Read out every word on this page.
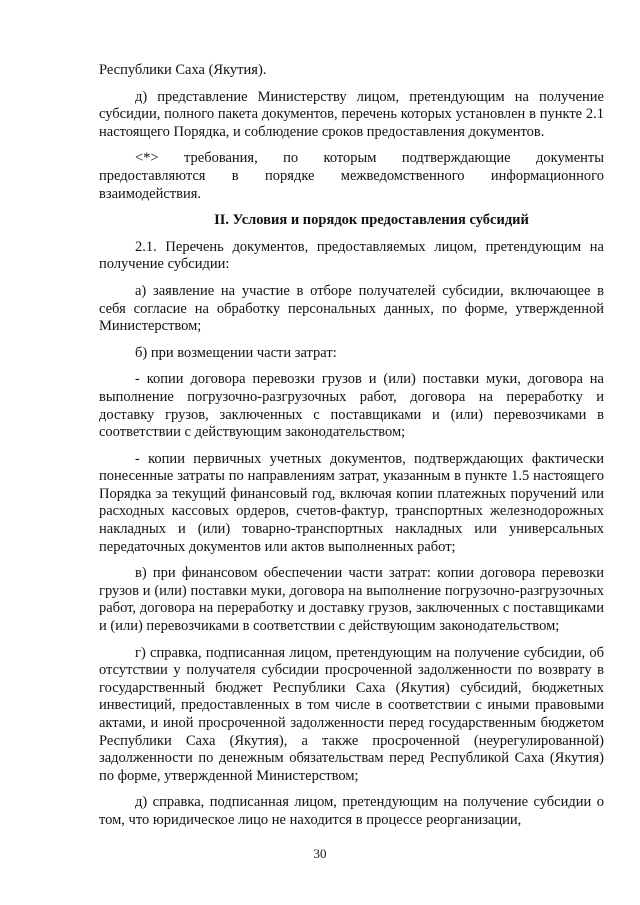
Республики Саха (Якутия).

д) представление Министерству лицом, претендующим на получение субсидии, полного пакета документов, перечень которых установлен в пункте 2.1 настоящего Порядка, и соблюдение сроков предоставления документов.

<*> требования, по которым подтверждающие документы предоставляются в порядке межведомственного информационного взаимодействия.

II. Условия и порядок предоставления субсидий

2.1. Перечень документов, предоставляемых лицом, претендующим на получение субсидии:

а) заявление на участие в отборе получателей субсидии, включающее в себя согласие на обработку персональных данных, по форме, утвержденной Министерством;

б) при возмещении части затрат:

- копии договора перевозки грузов и (или) поставки муки, договора на выполнение погрузочно-разгрузочных работ, договора на переработку и доставку грузов, заключенных с поставщиками и (или) перевозчиками в соответствии с действующим законодательством;

- копии первичных учетных документов, подтверждающих фактически понесенные затраты по направлениям затрат, указанным в пункте 1.5 настоящего Порядка за текущий финансовый год, включая копии платежных поручений или расходных кассовых ордеров, счетов-фактур, транспортных железнодорожных накладных и (или) товарно-транспортных накладных или универсальных передаточных документов или актов выполненных работ;

в) при финансовом обеспечении части затрат: копии договора перевозки грузов и (или) поставки муки, договора на выполнение погрузочно-разгрузочных работ, договора на переработку и доставку грузов, заключенных с поставщиками и (или) перевозчиками в соответствии с действующим законодательством;

г) справка, подписанная лицом, претендующим на получение субсидии, об отсутствии у получателя субсидии просроченной задолженности по возврату в государственный бюджет Республики Саха (Якутия) субсидий, бюджетных инвестиций, предоставленных в том числе в соответствии с иными правовыми актами, и иной просроченной задолженности перед государственным бюджетом Республики Саха (Якутия), а также просроченной (неурегулированной) задолженности по денежным обязательствам перед Республикой Саха (Якутия) по форме, утвержденной Министерством;

д) справка, подписанная лицом, претендующим на получение субсидии о том, что юридическое лицо не находится в процессе реорганизации,

30
